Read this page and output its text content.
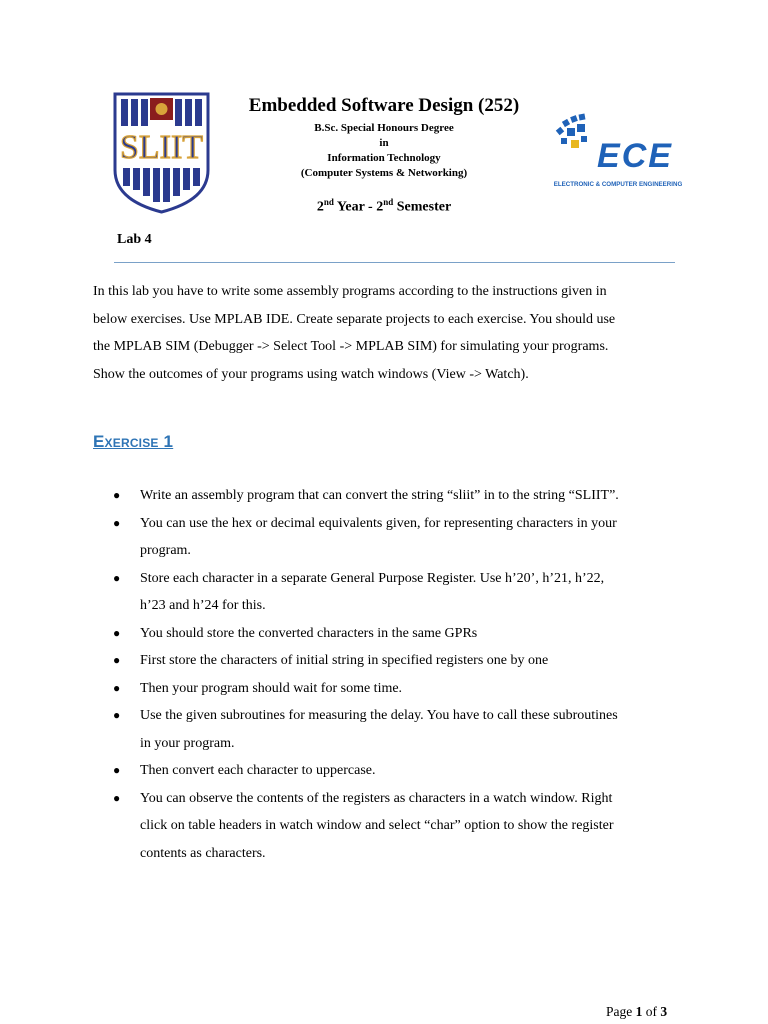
SLIIT	ECE
ELECTRONIC & COMPUTER ENGINEERING
Embedded Software Design (252)
B.Sc. Special Honours Degree
in
Information Technology
(Computer Systems & Networking)
2nd Year - 2nd Semester
Lab 4
In this lab you have to write some assembly programs according to the instructions given in
below exercises. Use MPLAB IDE. Create separate projects to each exercise. You should use
the MPLAB SIM (Debugger -> Select Tool -> MPLAB SIM) for simulating your programs.
Show the outcomes of your programs using watch windows (View -> Watch).
Exercise 1
●	Write an assembly program that can convert the string “sliit” in to the string “SLIIT”.
●	You can use the hex or decimal equivalents given, for representing characters in your
program.
●	Store each character in a separate General Purpose Register. Use h’20’, h’21, h’22,
h’23 and h’24 for this.
●	You should store the converted characters in the same GPRs
●	First store the characters of initial string in specified registers one by one
●	Then your program should wait for some time.
●	Use the given subroutines for measuring the delay. You have to call these subroutines
in your program.
●	Then convert each character to uppercase.
●	You can observe the contents of the registers as characters in a watch window. Right
click on table headers in watch window and select “char” option to show the register
contents as characters.
Page 1 of 3
